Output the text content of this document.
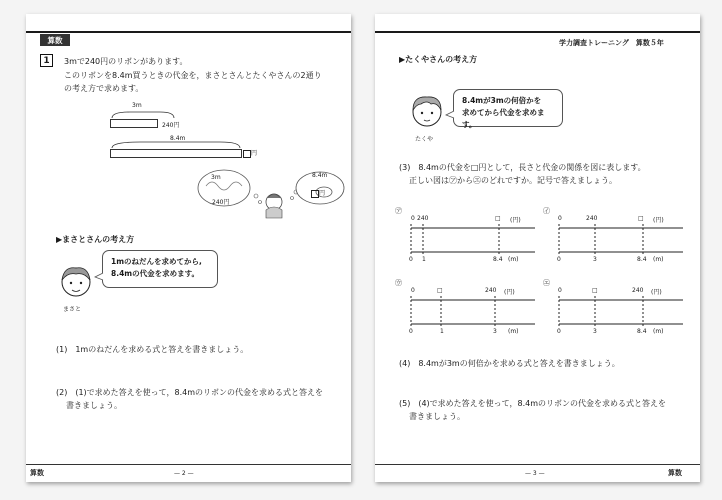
算数
1	3mで240円のリボンがあります。
このリボンを8.4m買うときの代金を，まさとさんとたくやさんの2通り
の考え方で求めます。
3m
240円
8.4m
円
3m
240円
8.4m
円
▶まさとさんの考え方
まさと
1mのねだんを求めてから,
8.4mの代金を求めます。
(1)　1mのねだんを求める式と答えを書きましょう。
(2)　(1)で求めた答えを使って，8.4mのリボンの代金を求める式と答えを
書きましょう。
算数	— 2 —
学力調査トレーニング　算数５年
▶たくやさんの考え方
たくや
8.4mが3mの何倍かを
求めてから代金を求めます。
(3)　8.4mの代金を□円として，長さと代金の関係を図に表します。
正しい図は㋐から㋓のどれですか。記号で答えましょう。
㋐
0 240	□ (円)
0 1	8.4 (m)
㋑
0	240	□ (円)
0	3	8.4 (m)
㋒
0	□	240 (円)
0	1	3 (m)
㋓
0	□	240 (円)
0	3	8.4 (m)
(4)　8.4mが3mの何倍かを求める式と答えを書きましょう。
(5)　(4)で求めた答えを使って，8.4mのリボンの代金を求める式と答えを
書きましょう。
— 3 —	算数
